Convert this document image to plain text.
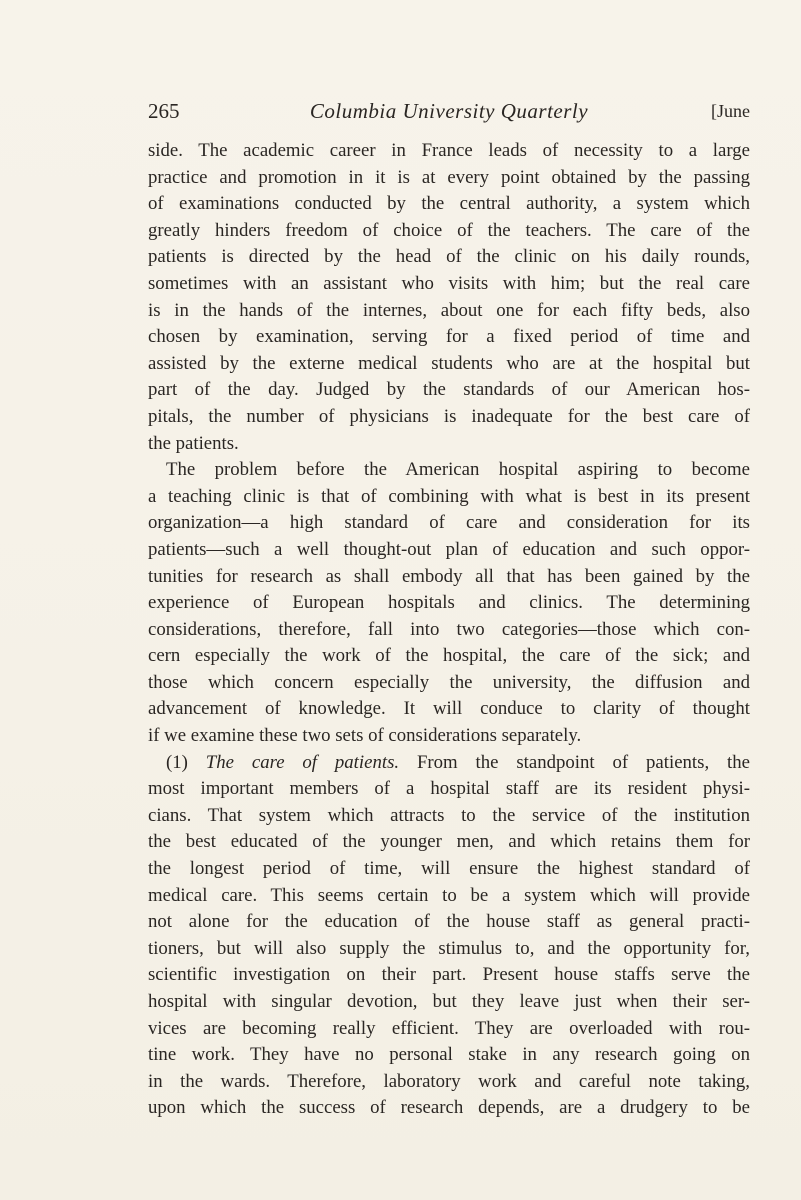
265	Columbia University Quarterly	[June
side. The academic career in France leads of necessity to a large
practice and promotion in it is at every point obtained by the passing
of examinations conducted by the central authority, a system which
greatly hinders freedom of choice of the teachers. The care of the
patients is directed by the head of the clinic on his daily rounds,
sometimes with an assistant who visits with him; but the real care
is in the hands of the internes, about one for each fifty beds, also
chosen by examination, serving for a fixed period of time and
assisted by the externe medical students who are at the hospital but
part of the day. Judged by the standards of our American hos-
pitals, the number of physicians is inadequate for the best care of
the patients.
The problem before the American hospital aspiring to become
a teaching clinic is that of combining with what is best in its present
organization—a high standard of care and consideration for its
patients—such a well thought-out plan of education and such oppor-
tunities for research as shall embody all that has been gained by the
experience of European hospitals and clinics. The determining
considerations, therefore, fall into two categories—those which con-
cern especially the work of the hospital, the care of the sick; and
those which concern especially the university, the diffusion and
advancement of knowledge. It will conduce to clarity of thought
if we examine these two sets of considerations separately.
(1) The care of patients. From the standpoint of patients, the
most important members of a hospital staff are its resident physi-
cians. That system which attracts to the service of the institution
the best educated of the younger men, and which retains them for
the longest period of time, will ensure the highest standard of
medical care. This seems certain to be a system which will provide
not alone for the education of the house staff as general practi-
tioners, but will also supply the stimulus to, and the opportunity for,
scientific investigation on their part. Present house staffs serve the
hospital with singular devotion, but they leave just when their ser-
vices are becoming really efficient. They are overloaded with rou-
tine work. They have no personal stake in any research going on
in the wards. Therefore, laboratory work and careful note taking,
upon which the success of research depends, are a drudgery to be
